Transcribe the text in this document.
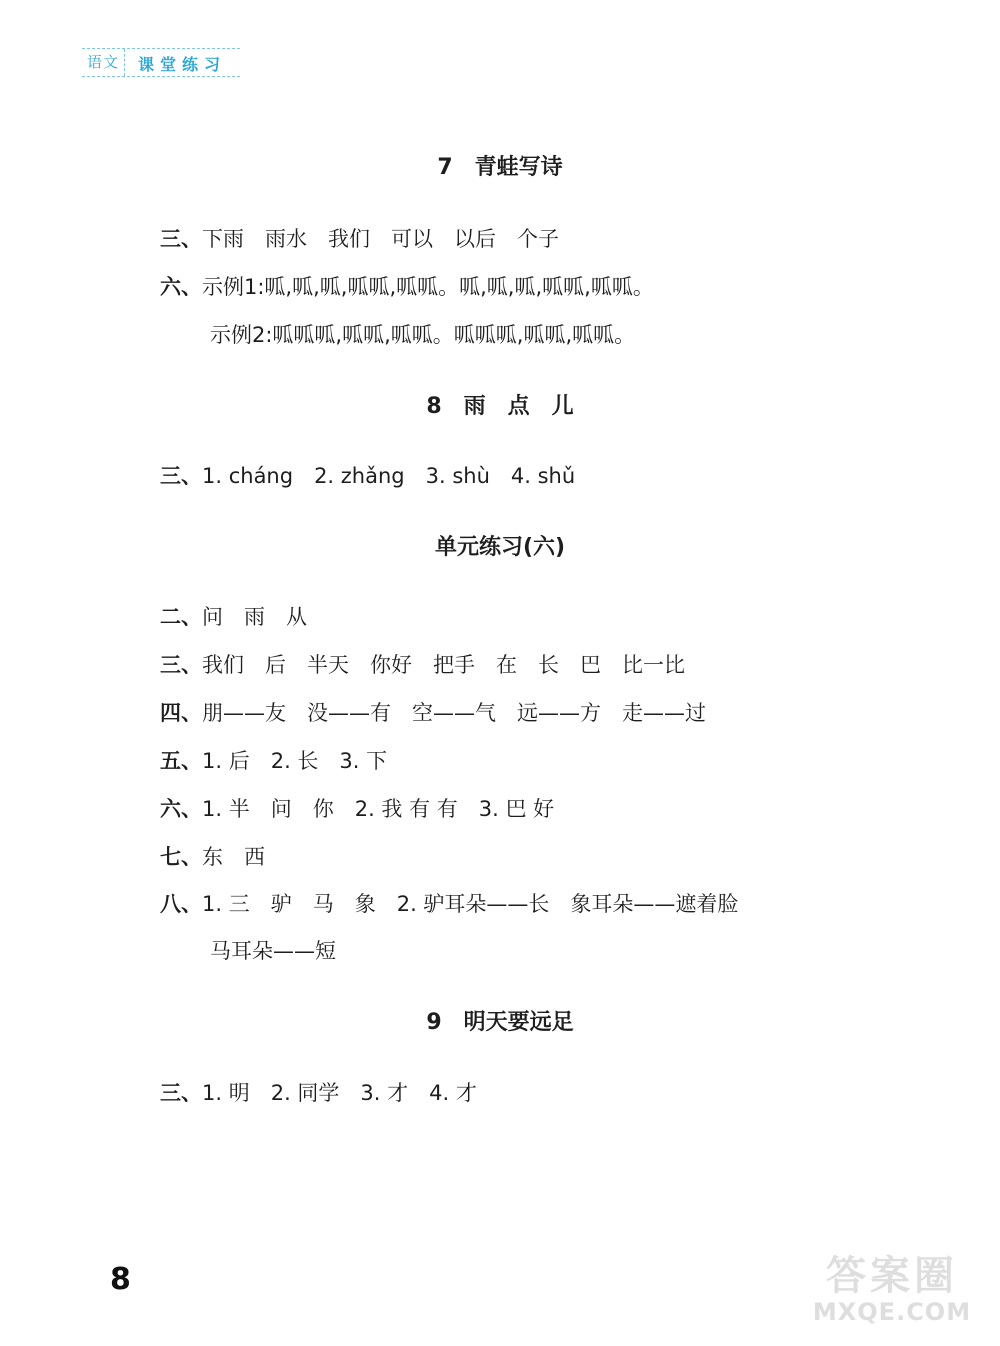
语文	课堂练习
7　青蛙写诗
三、下雨　雨水　我们　可以　以后　个子
六、示例1:呱,呱,呱,呱呱,呱呱。呱,呱,呱,呱呱,呱呱。
示例2:呱呱呱,呱呱,呱呱。呱呱呱,呱呱,呱呱。
8　雨　点　儿
三、1. cháng　2. zhǎng　3. shù　4. shǔ
单元练习(六)
二、问　雨　从
三、我们　后　半天　你好　把手　在　长　巴　比一比
四、朋——友　没——有　空——气　远——方　走——过
五、1. 后　2. 长　3. 下
六、1. 半　问　你　2. 我 有 有　3. 巴 好
七、东　西
八、1. 三　驴　马　象　2. 驴耳朵——长　象耳朵——遮着脸
马耳朵——短
9　明天要远足
三、1. 明　2. 同学　3. 才　4. 才
8	答案圈
MXQE.COM
